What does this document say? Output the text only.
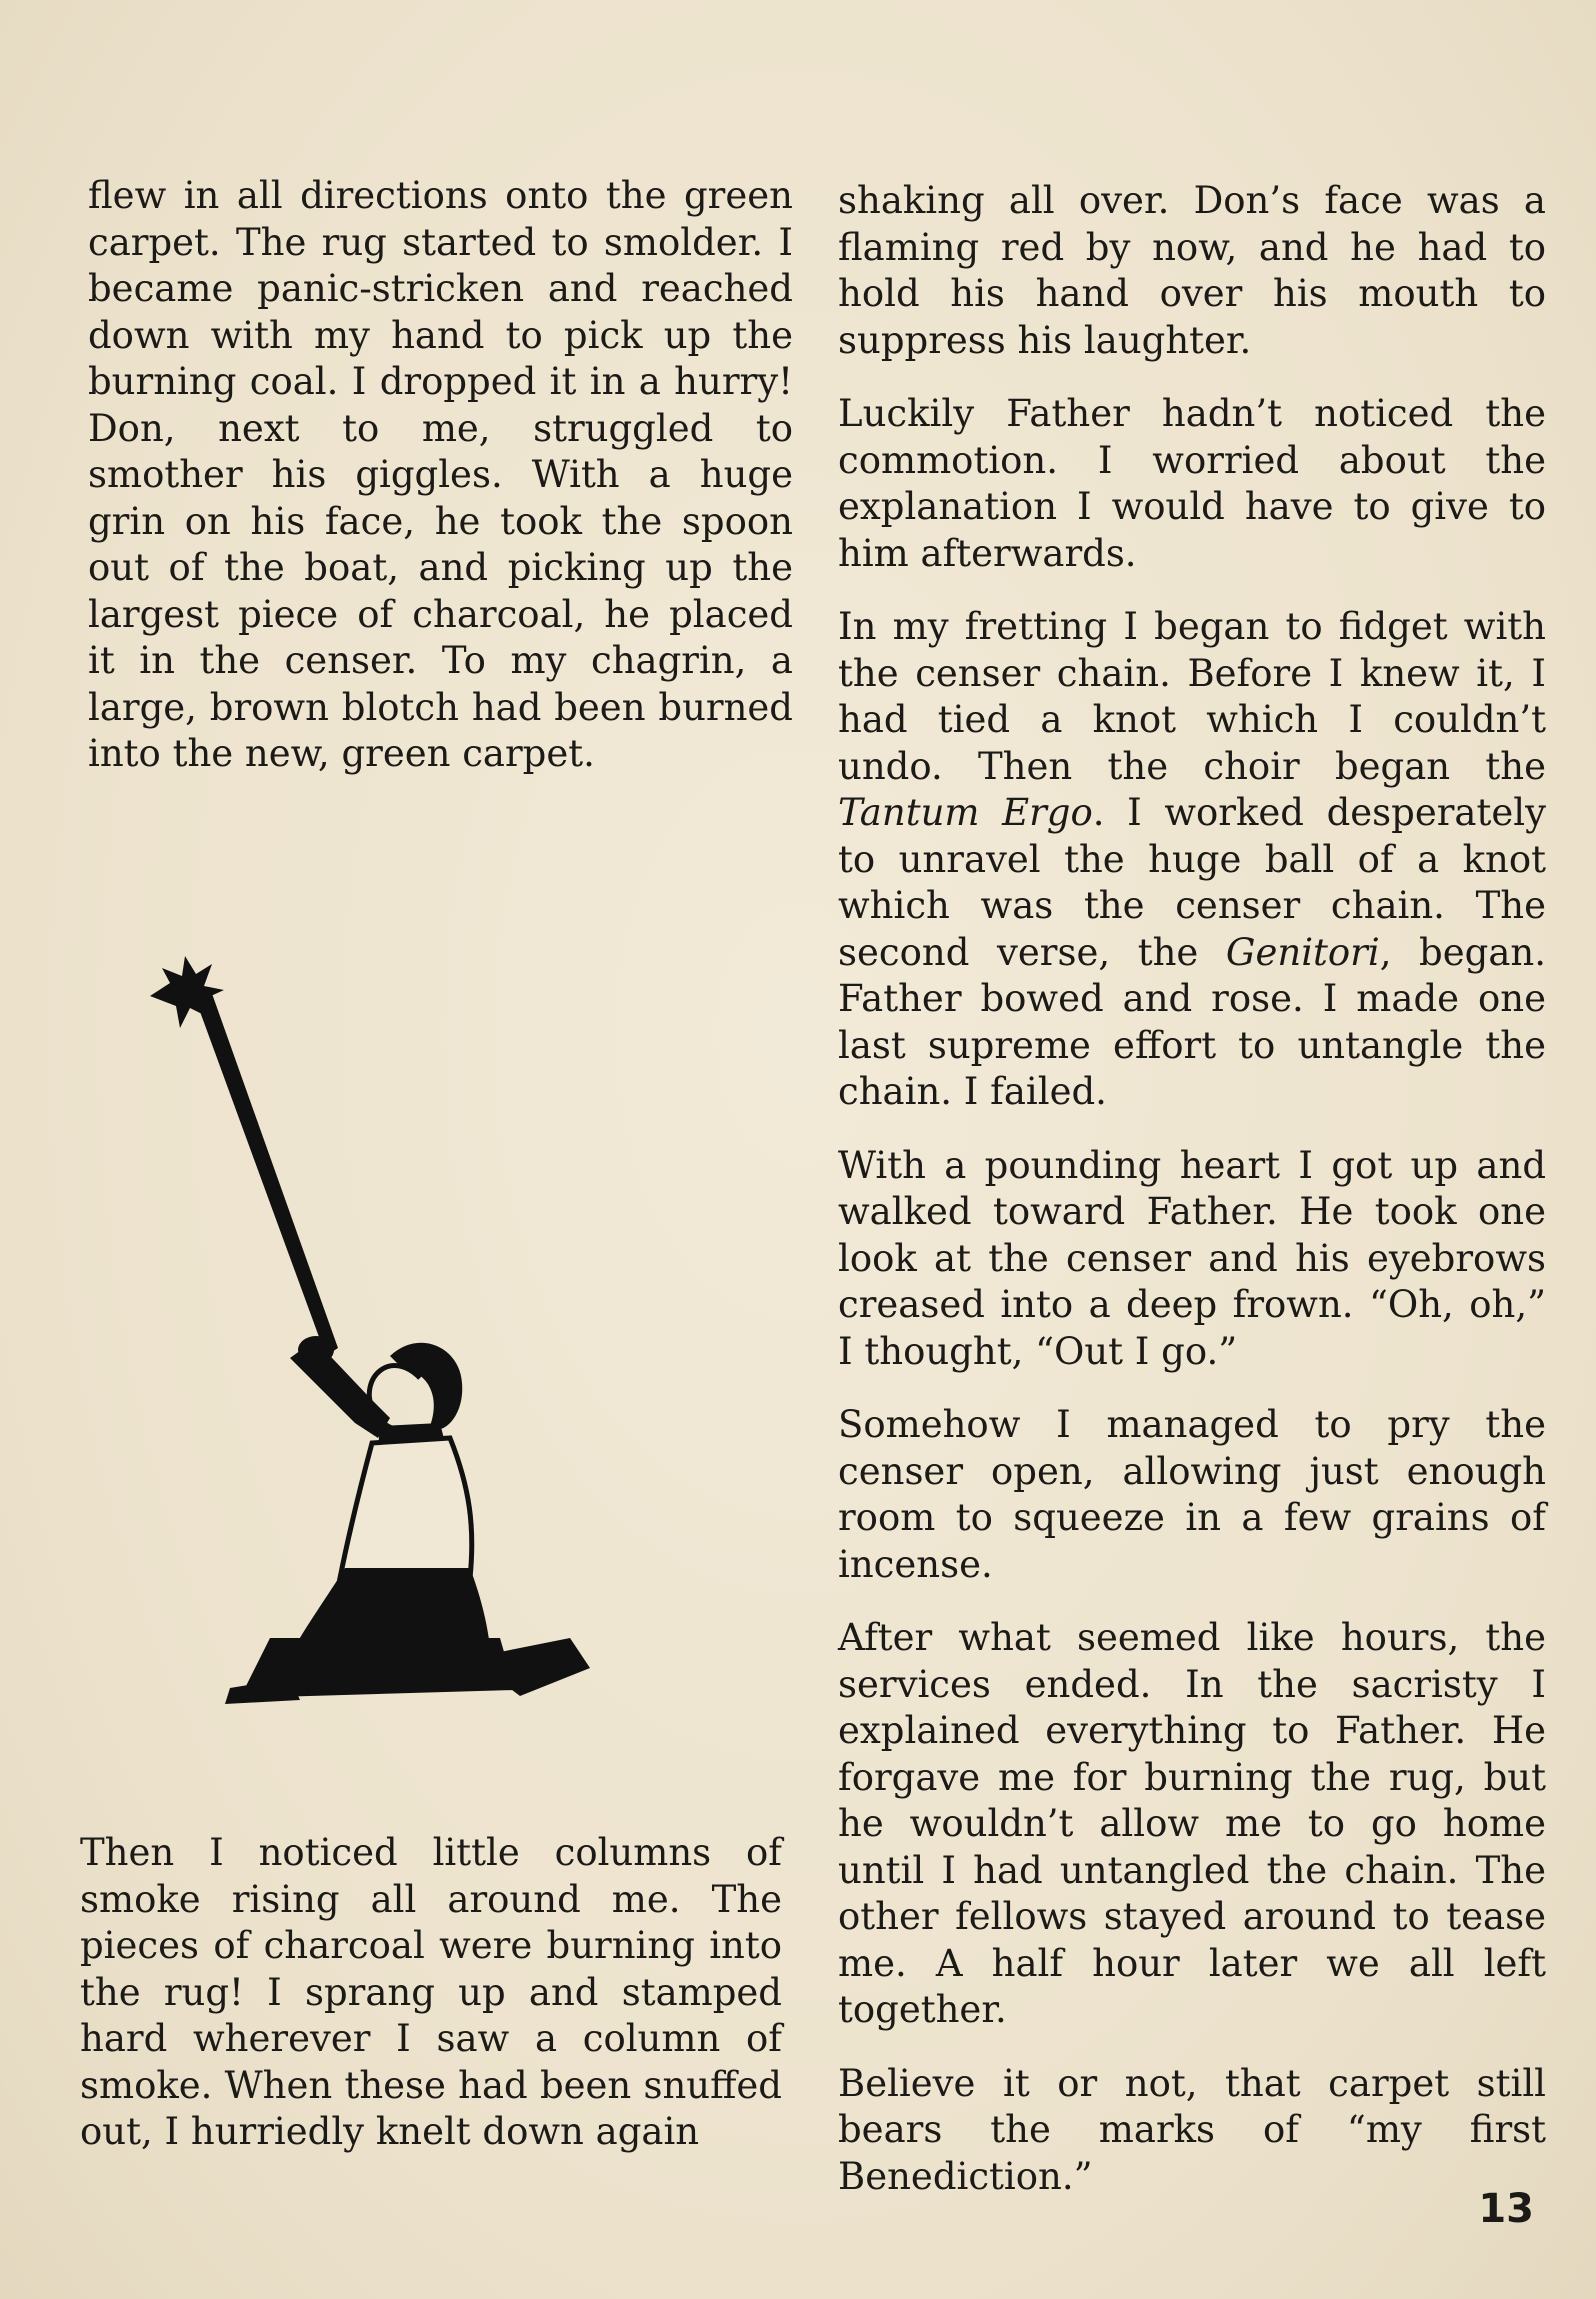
flew in all directions onto the green carpet. The rug started to smolder. I became panic-stricken and reached down with my hand to pick up the burning coal. I dropped it in a hurry! Don, next to me, struggled to smother his giggles. With a huge grin on his face, he took the spoon out of the boat, and picking up the largest piece of charcoal, he placed it in the censer. To my chagrin, a large, brown blotch had been burned into the new, green carpet.

Then I noticed little columns of smoke rising all around me. The pieces of charcoal were burning into the rug! I sprang up and stamped hard wherever I saw a column of smoke. When these had been snuffed out, I hurriedly knelt down again

shaking all over. Don’s face was a flaming red by now, and he had to hold his hand over his mouth to suppress his laughter.

Luckily Father hadn’t noticed the commotion. I worried about the explanation I would have to give to him afterwards.

In my fretting I began to fidget with the censer chain. Before I knew it, I had tied a knot which I couldn’t undo. Then the choir began the Tantum Ergo. I worked desperately to unravel the huge ball of a knot which was the censer chain. The second verse, the Genitori, began. Father bowed and rose. I made one last supreme effort to untangle the chain. I failed.

With a pounding heart I got up and walked toward Father. He took one look at the censer and his eyebrows creased into a deep frown. “Oh, oh,” I thought, “Out I go.”

Somehow I managed to pry the censer open, allowing just enough room to squeeze in a few grains of incense.

After what seemed like hours, the services ended. In the sacristy I explained everything to Father. He forgave me for burning the rug, but he wouldn’t allow me to go home until I had untangled the chain. The other fellows stayed around to tease me. A half hour later we all left together.

Believe it or not, that carpet still bears the marks of “my first Benediction.”

13
